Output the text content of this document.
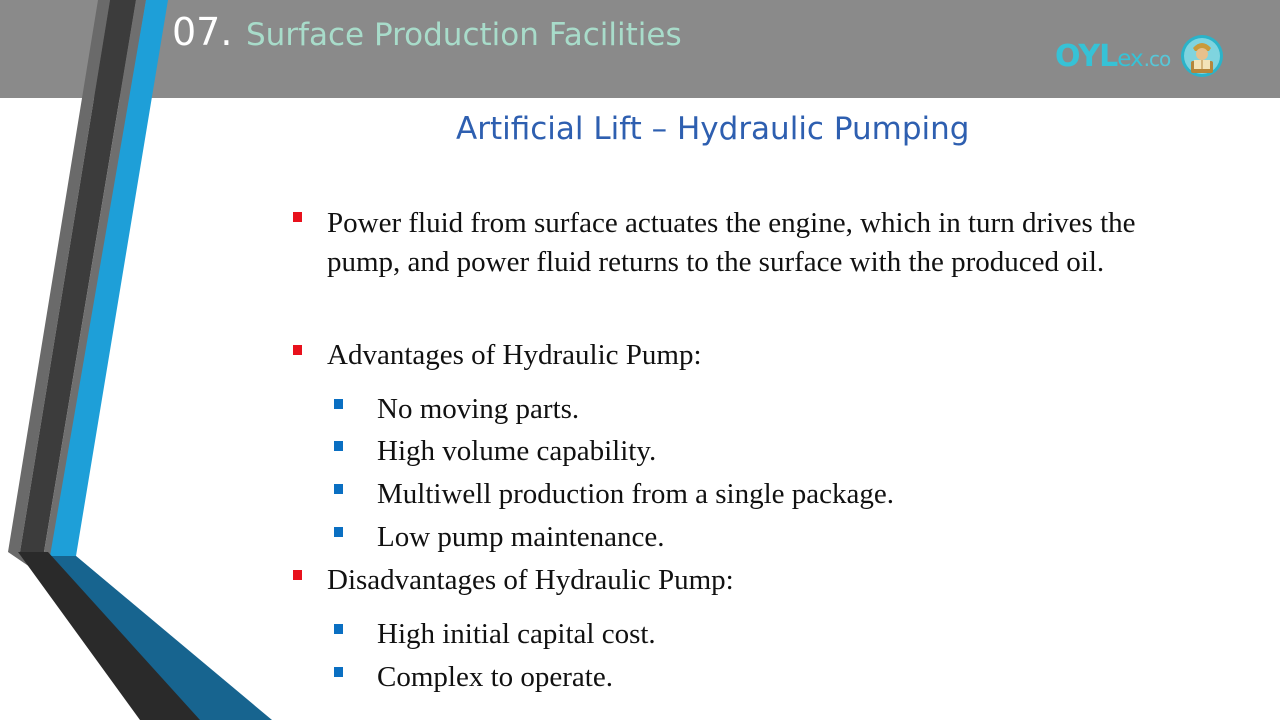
07. Surface Production Facilities
OYLex.co
Artificial Lift – Hydraulic Pumping
Power fluid from surface actuates the engine, which in turn drives the pump, and power fluid returns to the surface with the produced oil.
Advantages of Hydraulic Pump:
No moving parts.
High volume capability.
Multiwell production from a single package.
Low pump maintenance.
Disadvantages of Hydraulic Pump:
High initial capital cost.
Complex to operate.
